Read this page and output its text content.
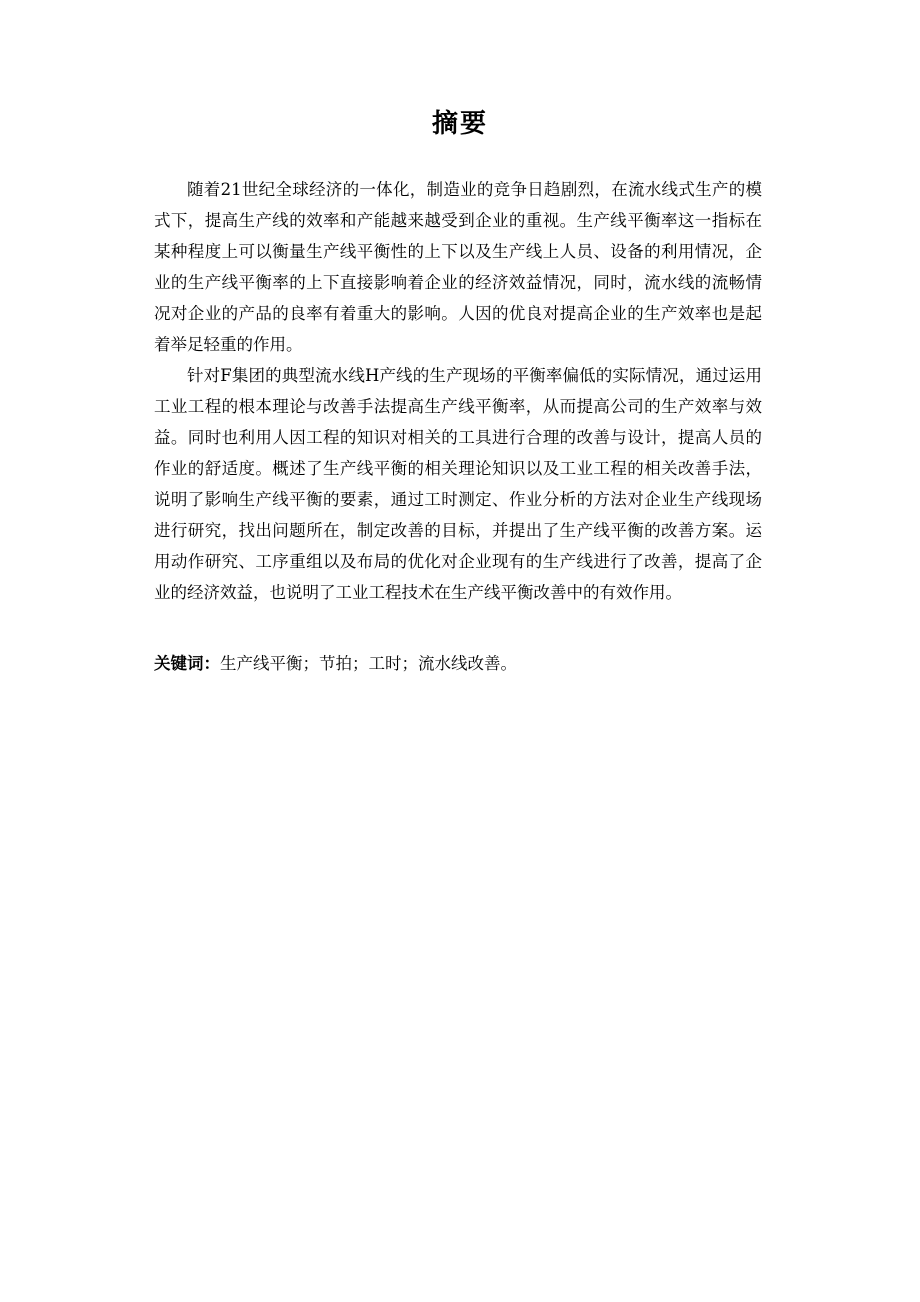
摘要

随着21世纪全球经济的一体化，制造业的竞争日趋剧烈，在流水线式生产的模式下，提高生产线的效率和产能越来越受到企业的重视。生产线平衡率这一指标在某种程度上可以衡量生产线平衡性的上下以及生产线上人员、设备的利用情况，企业的生产线平衡率的上下直接影响着企业的经济效益情况，同时，流水线的流畅情况对企业的产品的良率有着重大的影响。人因的优良对提高企业的生产效率也是起着举足轻重的作用。

针对F集团的典型流水线H产线的生产现场的平衡率偏低的实际情况，通过运用工业工程的根本理论与改善手法提高生产线平衡率，从而提高公司的生产效率与效益。同时也利用人因工程的知识对相关的工具进行合理的改善与设计，提高人员的作业的舒适度。概述了生产线平衡的相关理论知识以及工业工程的相关改善手法，说明了影响生产线平衡的要素，通过工时测定、作业分析的方法对企业生产线现场进行研究，找出问题所在，制定改善的目标，并提出了生产线平衡的改善方案。运用动作研究、工序重组以及布局的优化对企业现有的生产线进行了改善，提高了企业的经济效益，也说明了工业工程技术在生产线平衡改善中的有效作用。

关键词：生产线平衡；节拍；工时；流水线改善。
